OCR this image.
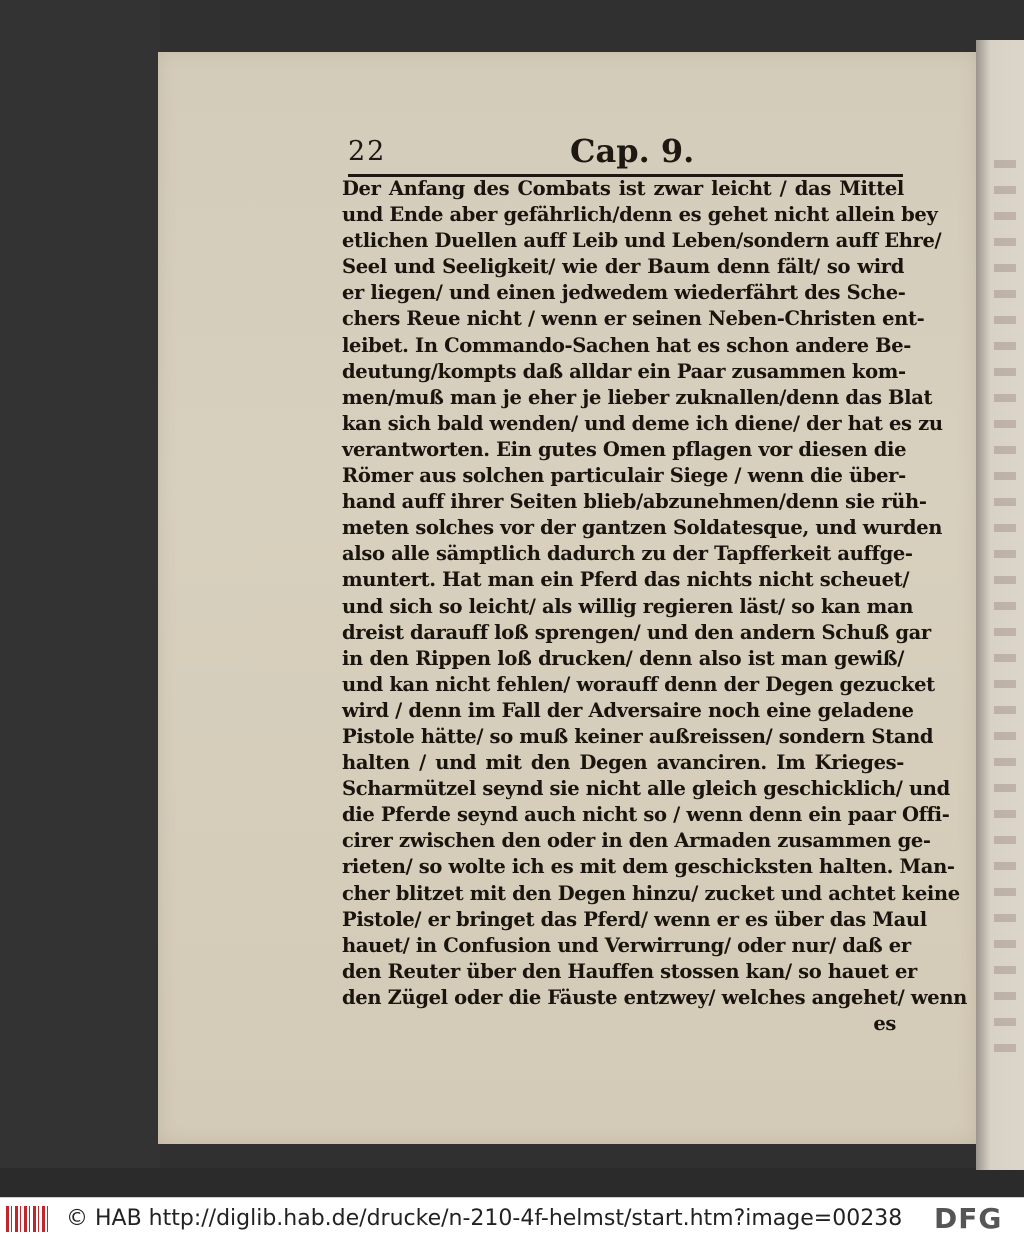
22	Cap. 9.
Der Anfang des Combats ist zwar leicht / das Mittel
und Ende aber gefährlich/denn es gehet nicht allein bey
etlichen Duellen auff Leib und Leben/sondern auff Ehre/
Seel und Seeligkeit/ wie der Baum denn fält/ so wird
er liegen/ und einen jedwedem wiederfährt des Sche-
chers Reue nicht / wenn er seinen Neben-Christen ent-
leibet. In Commando-Sachen hat es schon andere Be-
deutung/kompts daß alldar ein Paar zusammen kom-
men/muß man je eher je lieber zuknallen/denn das Blat
kan sich bald wenden/ und deme ich diene/ der hat es zu
verantworten. Ein gutes Omen pflagen vor diesen die
Römer aus solchen particulair Siege / wenn die über-
hand auff ihrer Seiten blieb/abzunehmen/denn sie rüh-
meten solches vor der gantzen Soldatesque, und wurden
also alle sämptlich dadurch zu der Tapfferkeit auffge-
muntert. Hat man ein Pferd das nichts nicht scheuet/
und sich so leicht/ als willig regieren läst/ so kan man
dreist darauff loß sprengen/ und den andern Schuß gar
in den Rippen loß drucken/ denn also ist man gewiß/
und kan nicht fehlen/ worauff denn der Degen gezucket
wird / denn im Fall der Adversaire noch eine geladene
Pistole hätte/ so muß keiner außreissen/ sondern Stand
halten / und mit den Degen avanciren. Im Krieges-
Scharmützel seynd sie nicht alle gleich geschicklich/ und
die Pferde seynd auch nicht so / wenn denn ein paar Offi-
cirer zwischen den oder in den Armaden zusammen ge-
rieten/ so wolte ich es mit dem geschicksten halten. Man-
cher blitzet mit den Degen hinzu/ zucket und achtet keine
Pistole/ er bringet das Pferd/ wenn er es über das Maul
hauet/ in Confusion und Verwirrung/ oder nur/ daß er
den Reuter über den Hauffen stossen kan/ so hauet er
den Zügel oder die Fäuste entzwey/ welches angehet/ wenn
es
© HAB http://diglib.hab.de/drucke/n-210-4f-helmst/start.htm?image=00238 DFG
